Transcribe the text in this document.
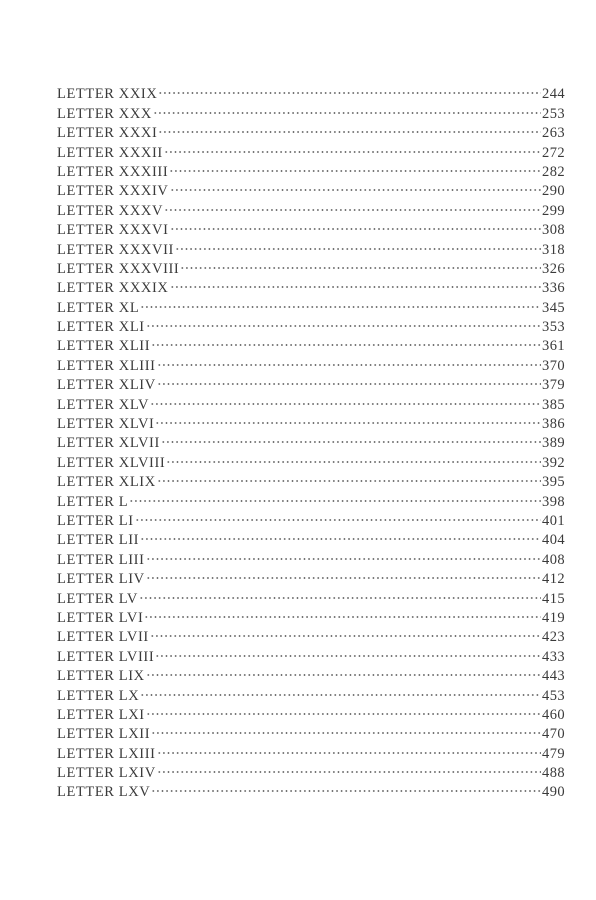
LETTER XXIX	244
LETTER XXX	253
LETTER XXXI	263
LETTER XXXII	272
LETTER XXXIII	282
LETTER XXXIV	290
LETTER XXXV	299
LETTER XXXVI	308
LETTER XXXVII	318
LETTER XXXVIII	326
LETTER XXXIX	336
LETTER XL	345
LETTER XLI	353
LETTER XLII	361
LETTER XLIII	370
LETTER XLIV	379
LETTER XLV	385
LETTER XLVI	386
LETTER XLVII	389
LETTER XLVIII	392
LETTER XLIX	395
LETTER L	398
LETTER LI	401
LETTER LII	404
LETTER LIII	408
LETTER LIV	412
LETTER LV	415
LETTER LVI	419
LETTER LVII	423
LETTER LVIII	433
LETTER LIX	443
LETTER LX	453
LETTER LXI	460
LETTER LXII	470
LETTER LXIII	479
LETTER LXIV	488
LETTER LXV	490
